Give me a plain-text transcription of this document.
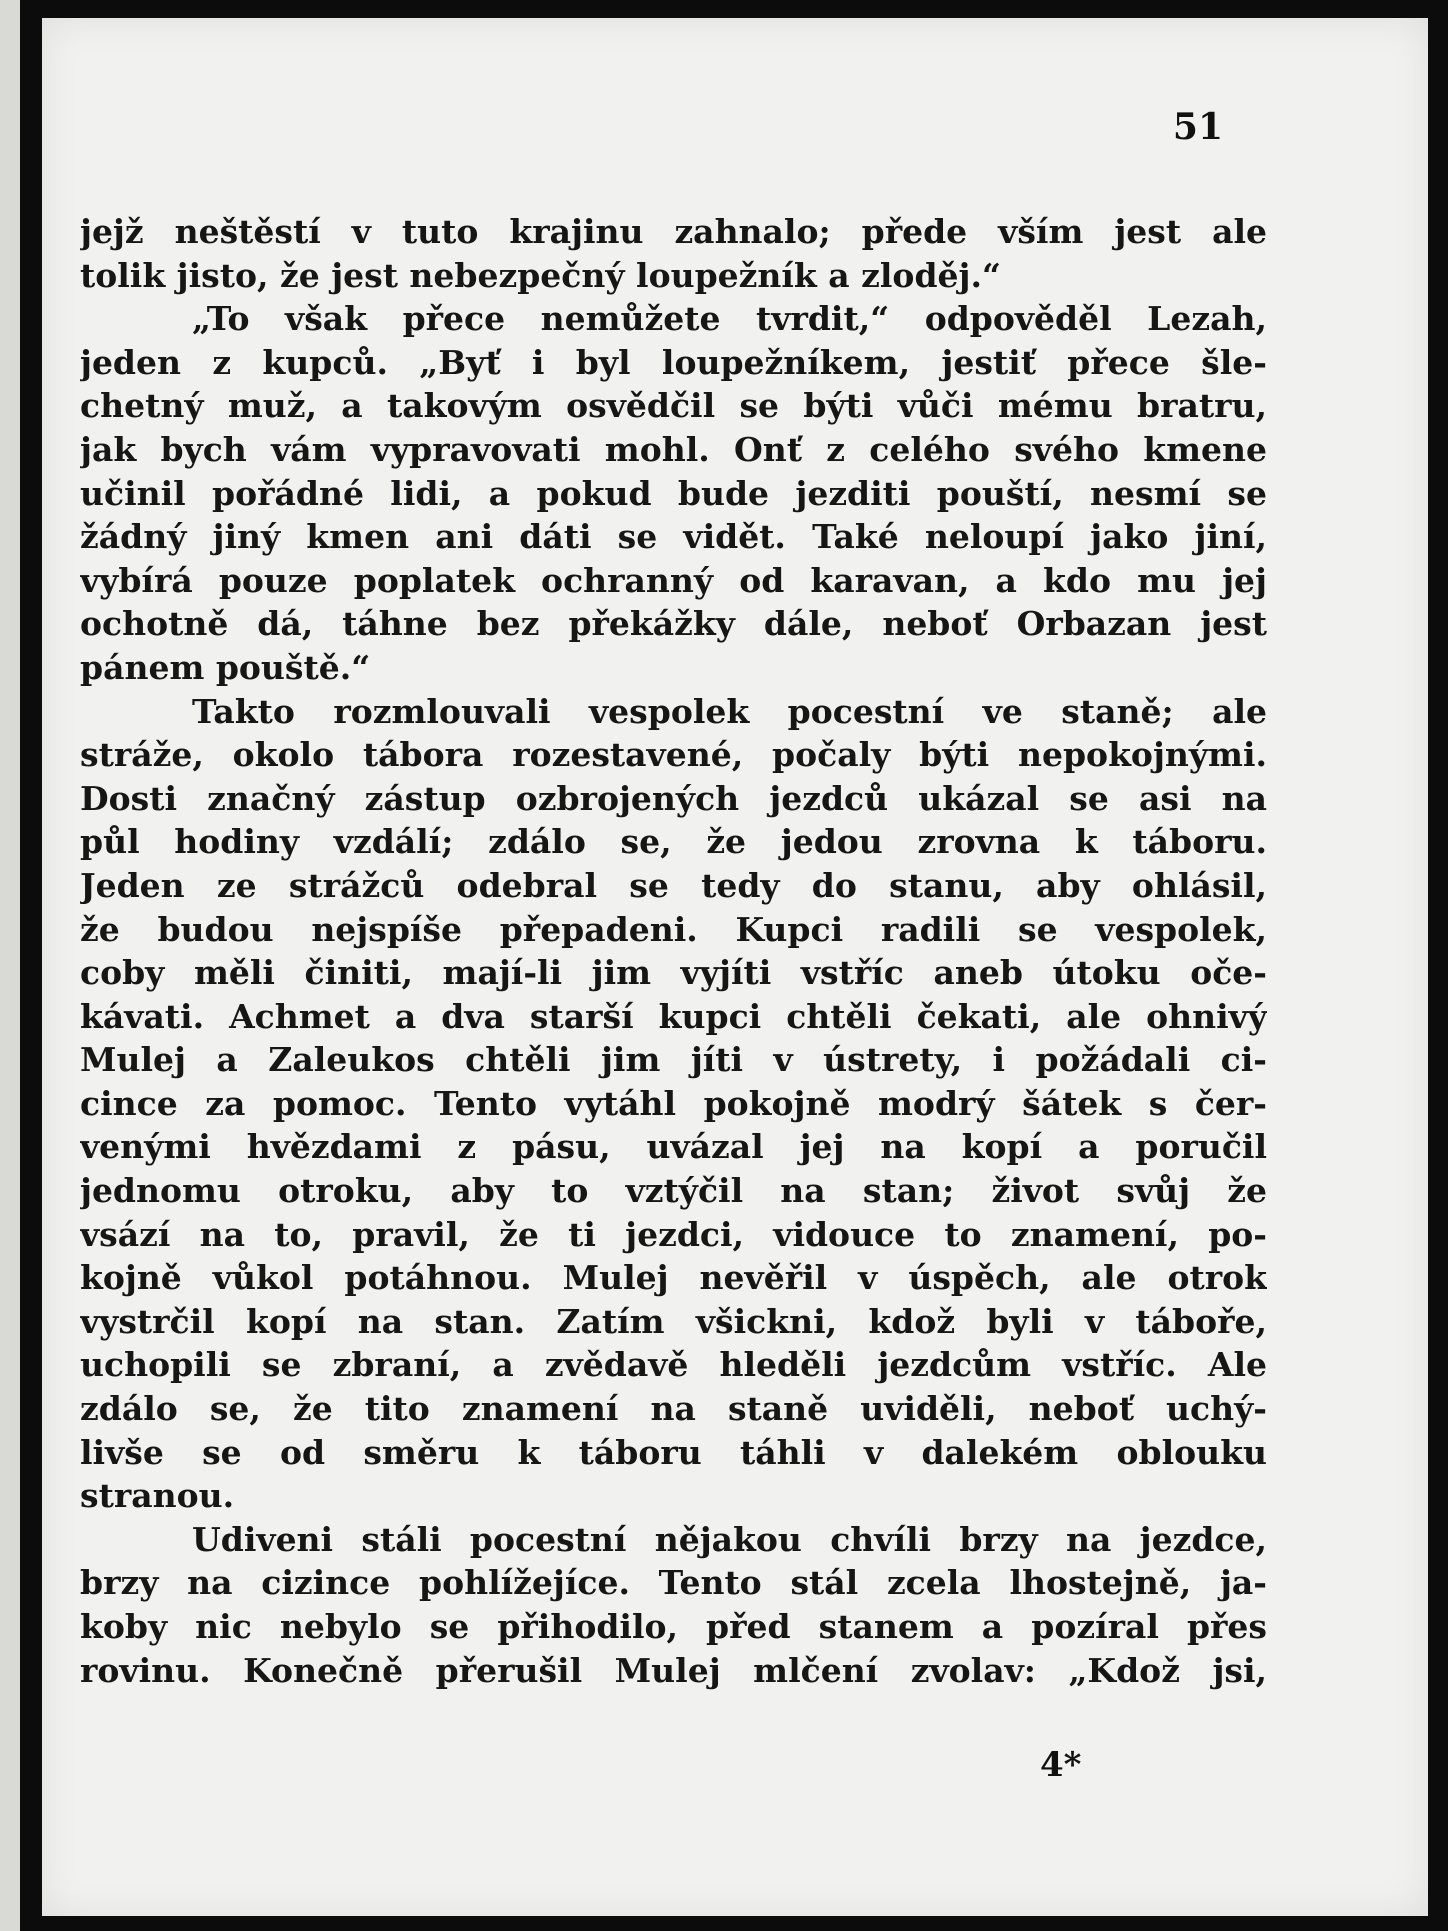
51
jejž neštěstí v tuto krajinu zahnalo; přede vším jest ale
tolik jisto, že jest nebezpečný loupežník a zloděj.“
„To však přece nemůžete tvrdit,“ odpověděl Lezah,
jeden z kupců. „Byť i byl loupežníkem, jestiť přece šle-
chetný muž, a takovým osvědčil se býti vůči mému bratru,
jak bych vám vypravovati mohl. Onť z celého svého kmene
učinil pořádné lidi, a pokud bude jezditi pouští, nesmí se
žádný jiný kmen ani dáti se vidět. Také neloupí jako jiní,
vybírá pouze poplatek ochranný od karavan, a kdo mu jej
ochotně dá, táhne bez překážky dále, neboť Orbazan jest
pánem pouště.“
Takto rozmlouvali vespolek pocestní ve staně; ale
stráže, okolo tábora rozestavené, počaly býti nepokojnými.
Dosti značný zástup ozbrojených jezdců ukázal se asi na
půl hodiny vzdálí; zdálo se, že jedou zrovna k táboru.
Jeden ze strážců odebral se tedy do stanu, aby ohlásil,
že budou nejspíše přepadeni. Kupci radili se vespolek,
coby měli činiti, mají-li jim vyjíti vstříc aneb útoku oče-
kávati. Achmet a dva starší kupci chtěli čekati, ale ohnivý
Mulej a Zaleukos chtěli jim jíti v ústrety, i požádali ci-
cince za pomoc. Tento vytáhl pokojně modrý šátek s čer-
venými hvězdami z pásu, uvázal jej na kopí a poručil
jednomu otroku, aby to vztýčil na stan; život svůj že
vsází na to, pravil, že ti jezdci, vidouce to znamení, po-
kojně vůkol potáhnou. Mulej nevěřil v úspěch, ale otrok
vystrčil kopí na stan. Zatím všickni, kdož byli v táboře,
uchopili se zbraní, a zvědavě hleděli jezdcům vstříc. Ale
zdálo se, že tito znamení na staně uviděli, neboť uchý-
livše se od směru k táboru táhli v dalekém oblouku
stranou.
Udiveni stáli pocestní nějakou chvíli brzy na jezdce,
brzy na cizince pohlížejíce. Tento stál zcela lhostejně, ja-
koby nic nebylo se přihodilo, před stanem a pozíral přes
rovinu. Konečně přerušil Mulej mlčení zvolav: „Kdož jsi,
4*
